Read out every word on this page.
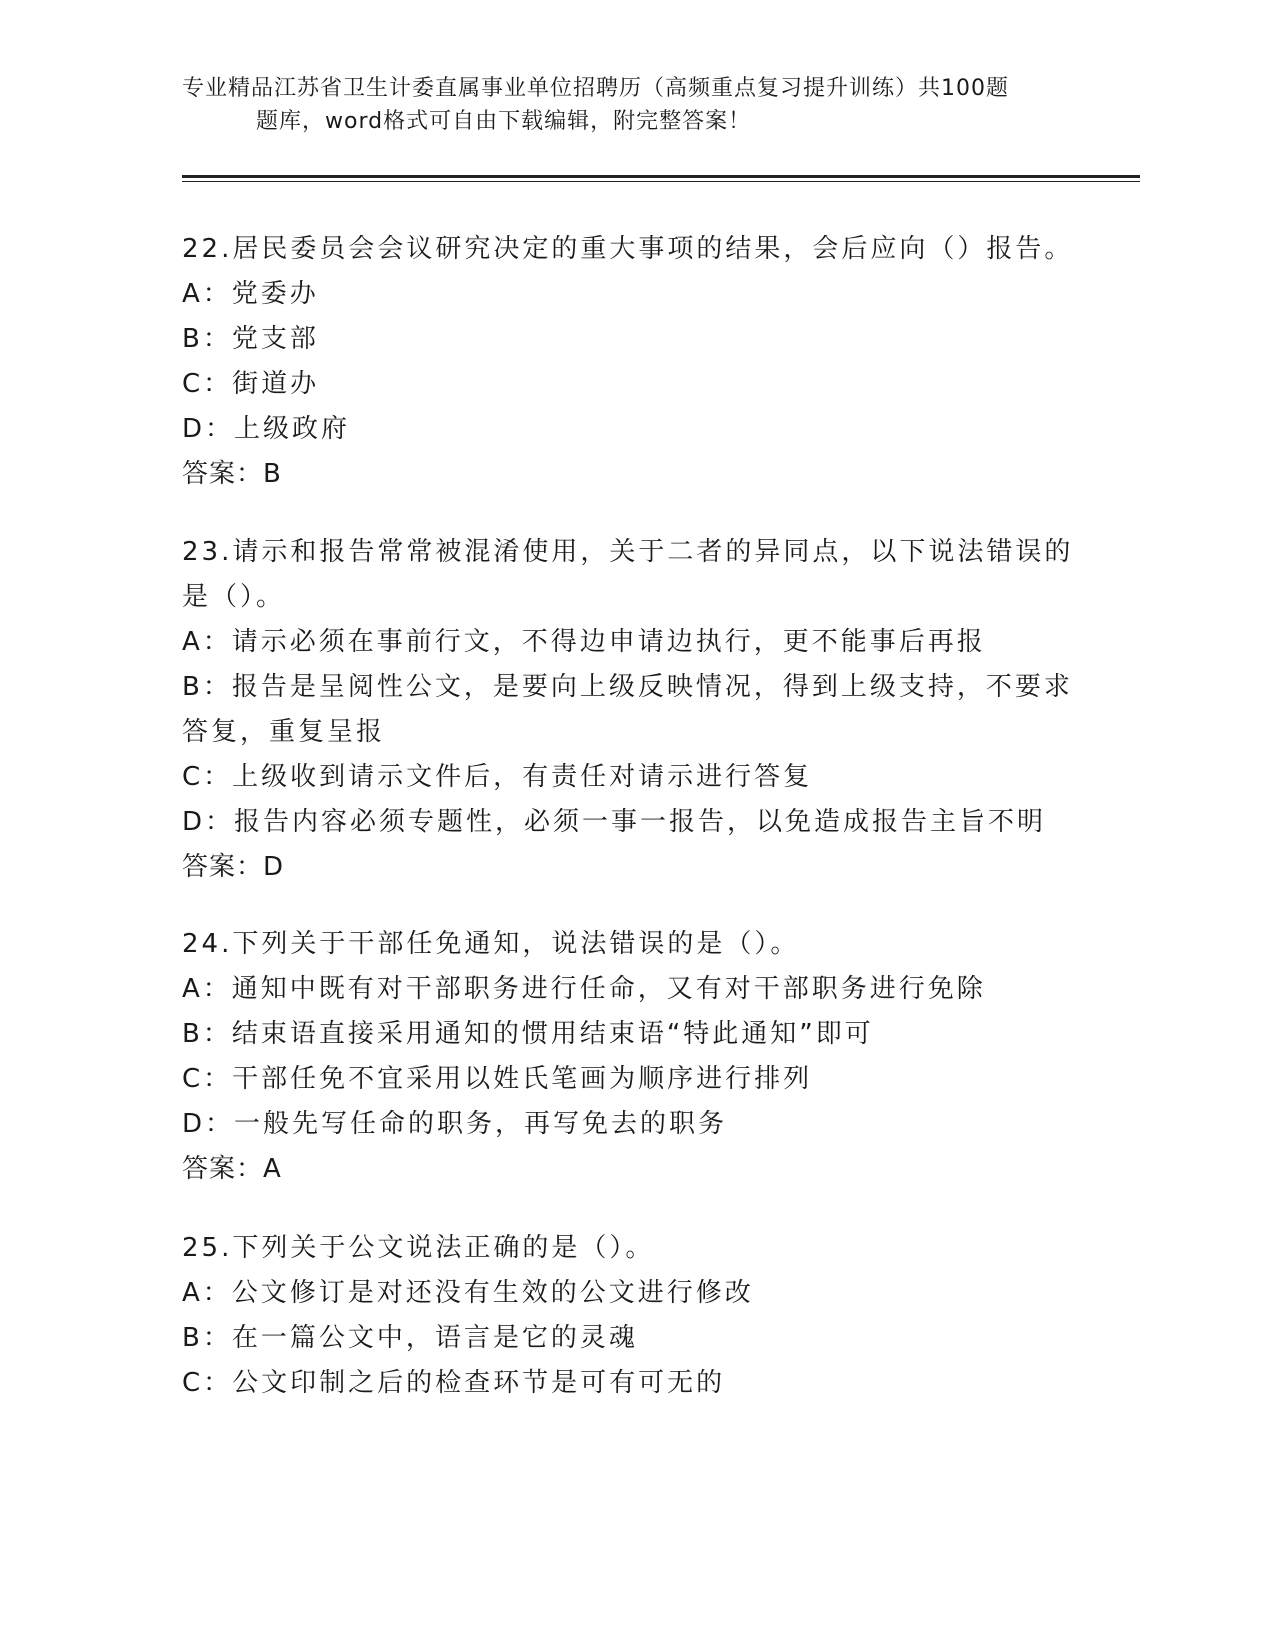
专业精品江苏省卫生计委直属事业单位招聘历（高频重点复习提升训练）共100题
题库，word格式可自由下载编辑，附完整答案！

22.居民委员会会议研究决定的重大事项的结果，会后应向（）报告。

A：党委办

B：党支部

C：街道办

D：上级政府

答案：B

23.请示和报告常常被混淆使用，关于二者的异同点，以下说法错误的

是（）。

A：请示必须在事前行文，不得边申请边执行，更不能事后再报

B：报告是呈阅性公文，是要向上级反映情况，得到上级支持，不要求

答复，重复呈报

C：上级收到请示文件后，有责任对请示进行答复

D：报告内容必须专题性，必须一事一报告，以免造成报告主旨不明

答案：D

24.下列关于干部任免通知，说法错误的是（）。

A：通知中既有对干部职务进行任命，又有对干部职务进行免除

B：结束语直接采用通知的惯用结束语“特此通知”即可

C：干部任免不宜采用以姓氏笔画为顺序进行排列

D：一般先写任命的职务，再写免去的职务

答案：A

25.下列关于公文说法正确的是（）。

A：公文修订是对还没有生效的公文进行修改

B：在一篇公文中，语言是它的灵魂

C：公文印制之后的检查环节是可有可无的
